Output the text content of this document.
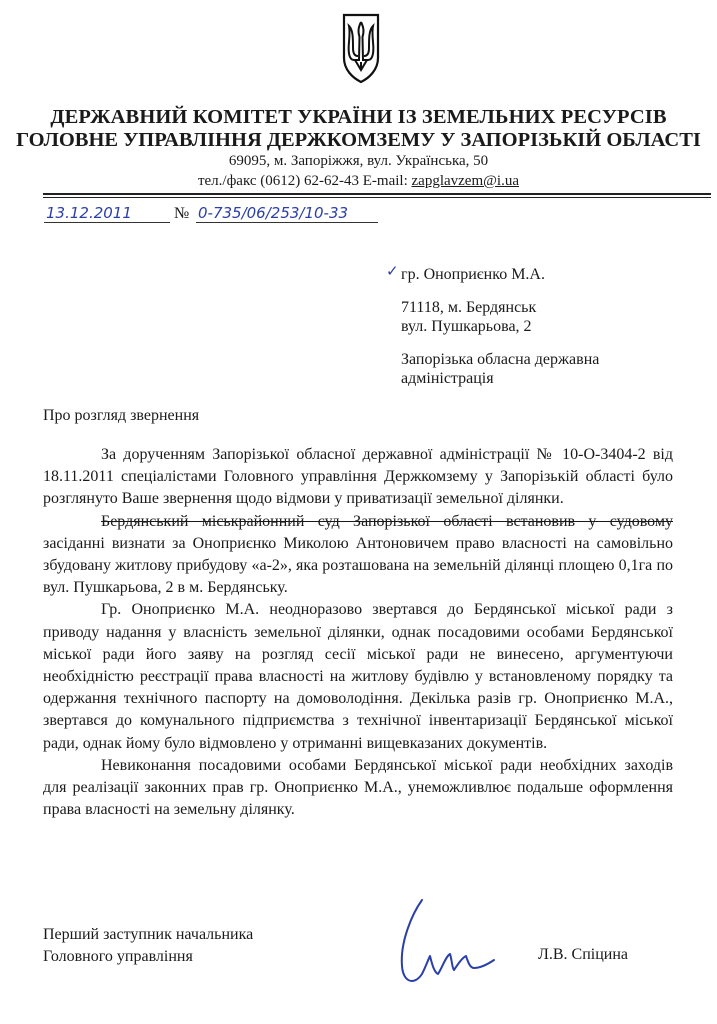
ДЕРЖАВНИЙ КОМІТЕТ УКРАЇНИ ІЗ ЗЕМЕЛЬНИХ РЕСУРСІВ
ГОЛОВНЕ УПРАВЛІННЯ ДЕРЖКОМЗЕМУ У ЗАПОРІЗЬКІЙ ОБЛАСТІ
69095, м. Запоріжжя, вул. Українська, 50
тел./факс (0612) 62-62-43 E-mail: zapglavzem@i.ua
13.12.2011	№ 0-735/06/253/10-33
✓ гр. Оноприєнко М.А.
71118, м. Бердянськ
вул. Пушкарьова, 2
Запорізька обласна державна
адміністрація
Про розгляд звернення

За дорученням Запорізької обласної державної адміністрації № 10-О-3404-2 від 18.11.2011 спеціалістами Головного управління Держкомзему у Запорізькій області було розглянуто Ваше звернення щодо відмови у приватизації земельної ділянки.

Бердянський міськрайонний суд Запорізької області встановив у судовому засіданні визнати за Оноприєнко Миколою Антоновичем право власності на самовільно збудовану житлову прибудову «а-2», яка розташована на земельній ділянці площею 0,1га по вул. Пушкарьова, 2 в м. Бердянську.

Гр. Оноприєнко М.А. неодноразово звертався до Бердянської міської ради з приводу надання у власність земельної ділянки, однак посадовими особами Бердянської міської ради його заяву на розгляд сесії міської ради не винесено, аргументуючи необхідністю реєстрації права власності на житлову будівлю у встановленому порядку та одержання технічного паспорту на домоволодіння. Декілька разів гр. Оноприєнко М.А., звертався до комунального підприємства з технічної інвентаризації Бердянської міської ради, однак йому було відмовлено у отриманні вищевказаних документів.

Невиконання посадовими особами Бердянської міської ради необхідних заходів для реалізації законних прав гр. Оноприєнко М.А., унеможливлює подальше оформлення права власності на земельну ділянку.

Перший заступник начальника
Головного управління	Л.В. Спіцина
